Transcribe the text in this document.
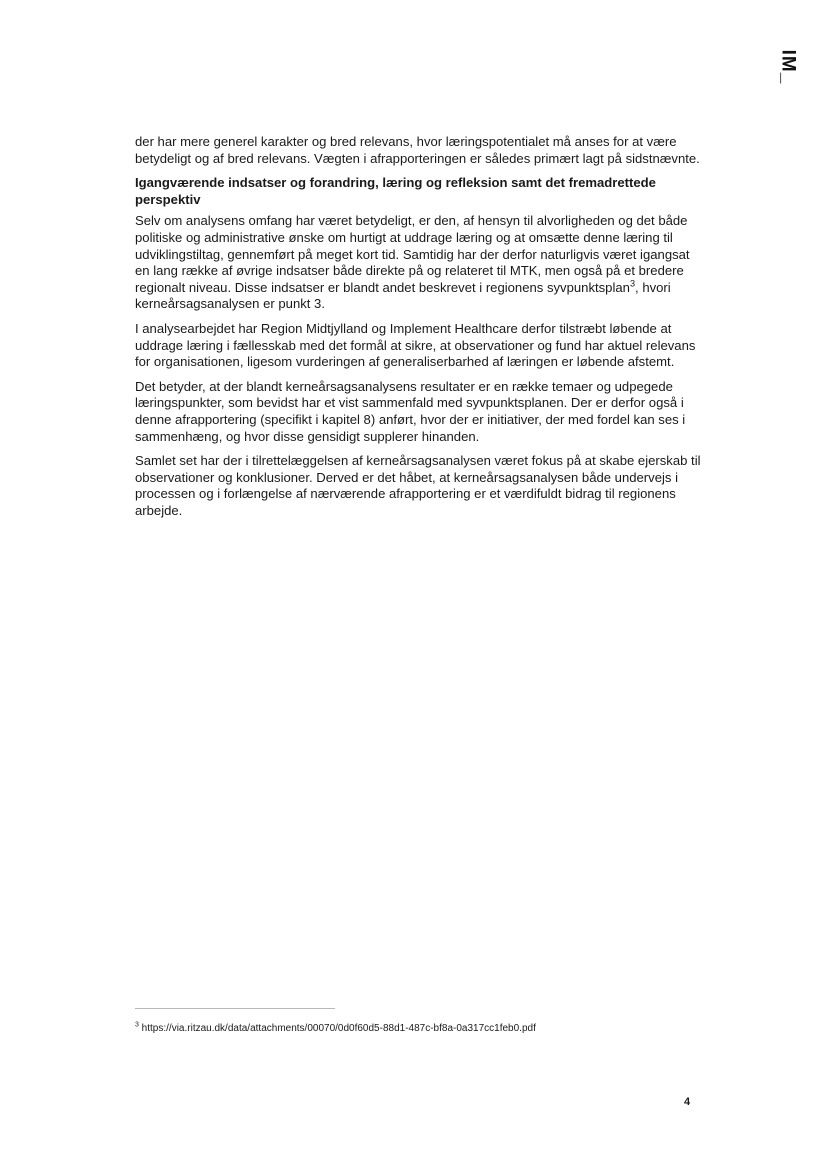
IM_

der har mere generel karakter og bred relevans, hvor læringspotentialet må anses for at være betydeligt og af bred relevans. Vægten i afrapporteringen er således primært lagt på sidstnævnte.

Igangværende indsatser og forandring, læring og refleksion samt det fremadrettede perspektiv

Selv om analysens omfang har været betydeligt, er den, af hensyn til alvorligheden og det både politiske og administrative ønske om hurtigt at uddrage læring og at omsætte denne læring til udviklingstiltag, gennemført på meget kort tid. Samtidig har der derfor naturligvis været igangsat en lang række af øvrige indsatser både direkte på og relateret til MTK, men også på et bredere regionalt niveau. Disse indsatser er blandt andet beskrevet i regionens syvpunktsplan$^3$, hvori kerneårsagsanalysen er punkt 3.

I analysearbejdet har Region Midtjylland og Implement Healthcare derfor tilstræbt løbende at uddrage læring i fællesskab med det formål at sikre, at observationer og fund har aktuel relevans for organisationen, ligesom vurderingen af generaliserbarhed af læringen er løbende afstemt.

Det betyder, at der blandt kerneårsagsanalysens resultater er en række temaer og udpegede læringspunkter, som bevidst har et vist sammenfald med syvpunktsplanen. Der er derfor også i denne afrapportering (specifikt i kapitel 8) anført, hvor der er initiativer, der med fordel kan ses i sammenhæng, og hvor disse gensidigt supplerer hinanden.

Samlet set har der i tilrettelæggelsen af kerneårsagsanalysen været fokus på at skabe ejerskab til observationer og konklusioner. Derved er det håbet, at kerneårsagsanalysen både undervejs i processen og i forlængelse af nærværende afrapportering er et værdifuldt bidrag til regionens arbejde.

$^3$ https://via.ritzau.dk/data/attachments/00070/0d0f60d5-88d1-487c-bf8a-0a317cc1feb0.pdf
4
